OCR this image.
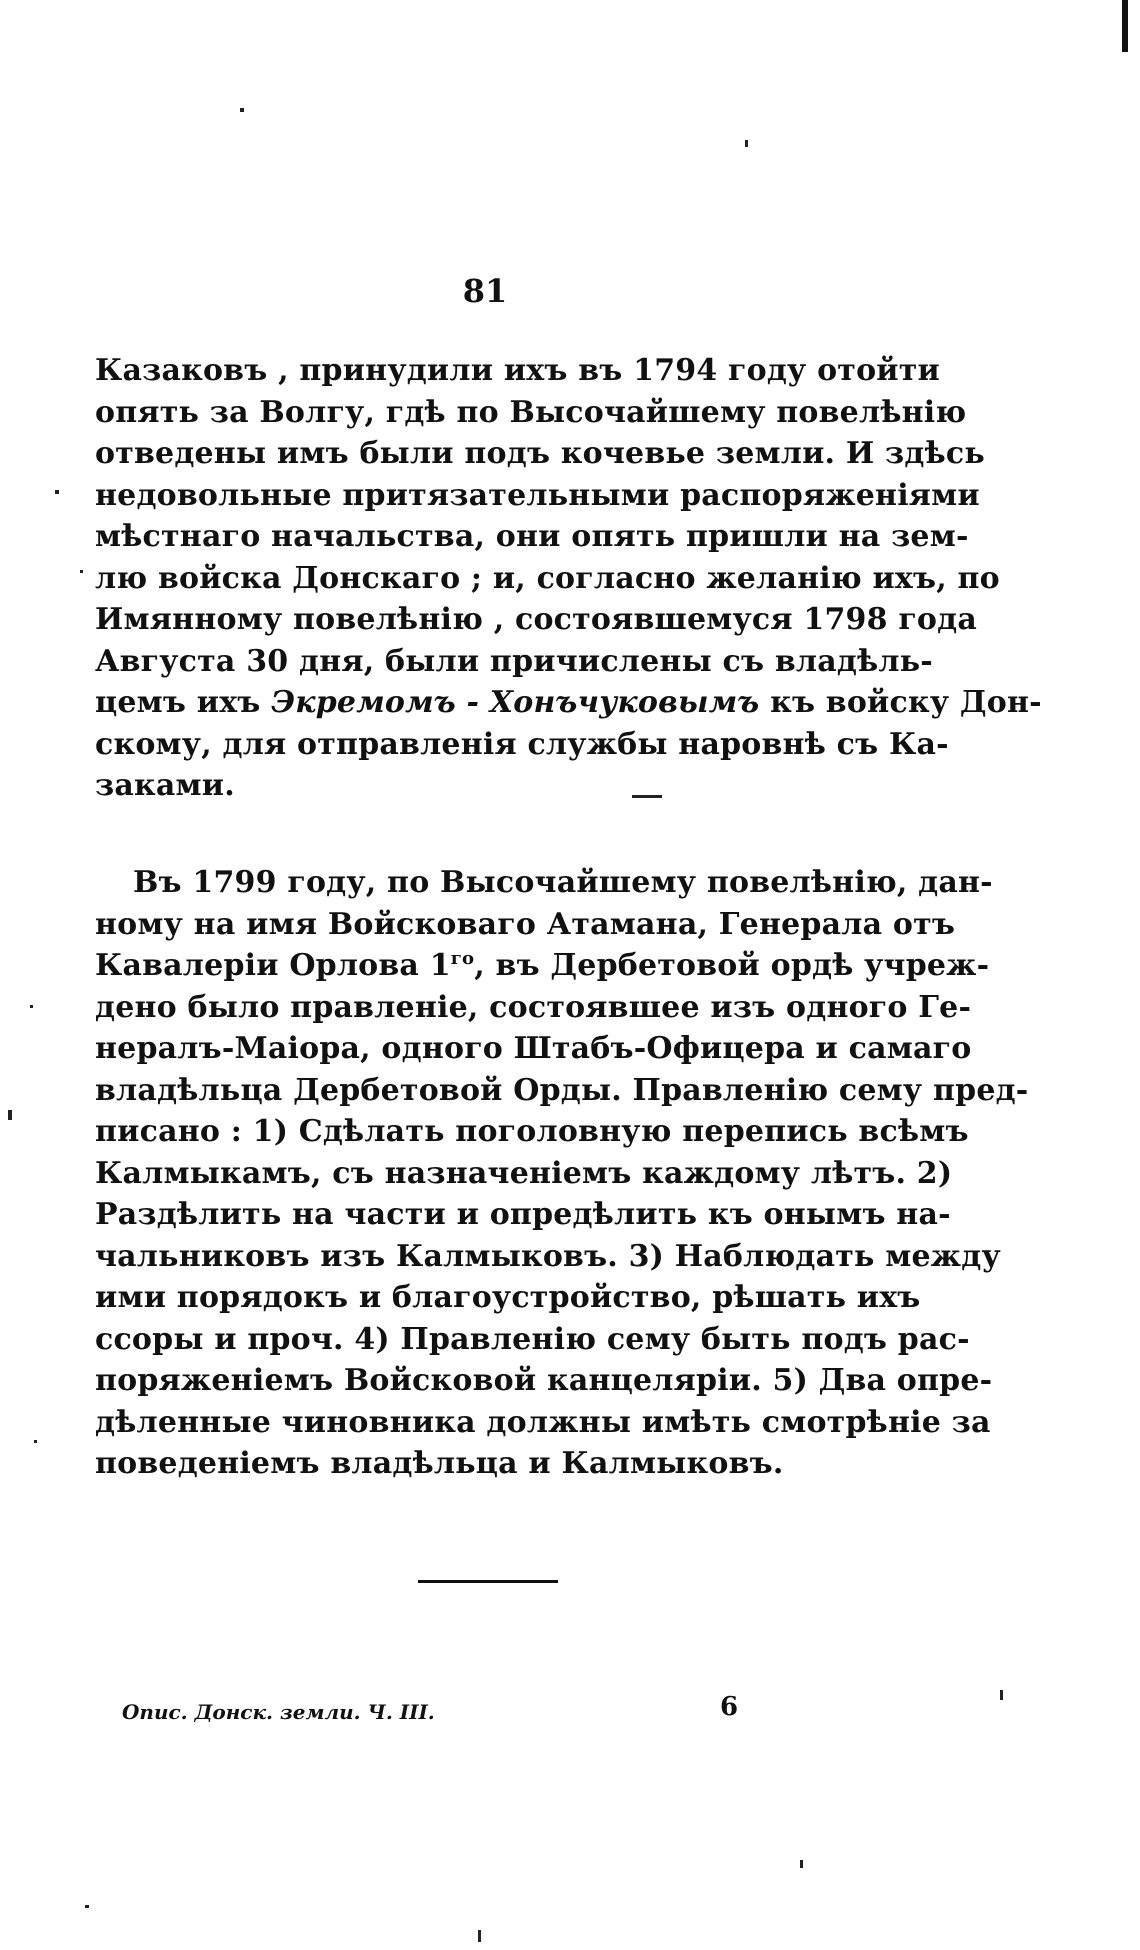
81
Казаковъ , принудили ихъ въ 1794 году отойти
опять за Волгу, гдѣ по Высочайшему повелѣнію
отведены имъ были подъ кочевье земли. И здѣсь
недовольные притязательными распоряженіями
мѣстнаго начальства, они опять пришли на зем-
лю войска Донскаго ; и, согласно желанію ихъ, по
Имянному повелѣнію , состоявшемуся 1798 года
Августа 30 дня, были причислены съ владѣль-
цемъ ихъ Экремомъ - Хонъчуковымъ къ войску Дон-
скому, для отправленія службы наровнѣ съ Ка-
заками.
Въ 1799 году, по Высочайшему повелѣнію, дан-
ному на имя Войсковаго Атамана, Генерала отъ
Кавалеріи Орлова $1^{го}$, въ Дербетовой ордѣ учреж-
дено было правленіе, состоявшее изъ одного Ге-
нералъ-Маіора, одного Штабъ-Офицера и самаго
владѣльца Дербетовой Орды. Правленію сему пред-
писано : 1) Сдѣлать поголовную перепись всѣмъ
Калмыкамъ, съ назначеніемъ каждому лѣтъ. 2)
Раздѣлить на части и опредѣлить къ онымъ на-
чальниковъ изъ Калмыковъ. 3) Наблюдать между
ими порядокъ и благоустройство, рѣшать ихъ
ссоры и проч. 4) Правленію сему быть подъ рас-
поряженіемъ Войсковой канцеляріи. 5) Два опре-
дѣленные чиновника должны имѣть смотрѣніе за
поведеніемъ владѣльца и Калмыковъ.
Опис. Донск. земли. Ч. III.	6
